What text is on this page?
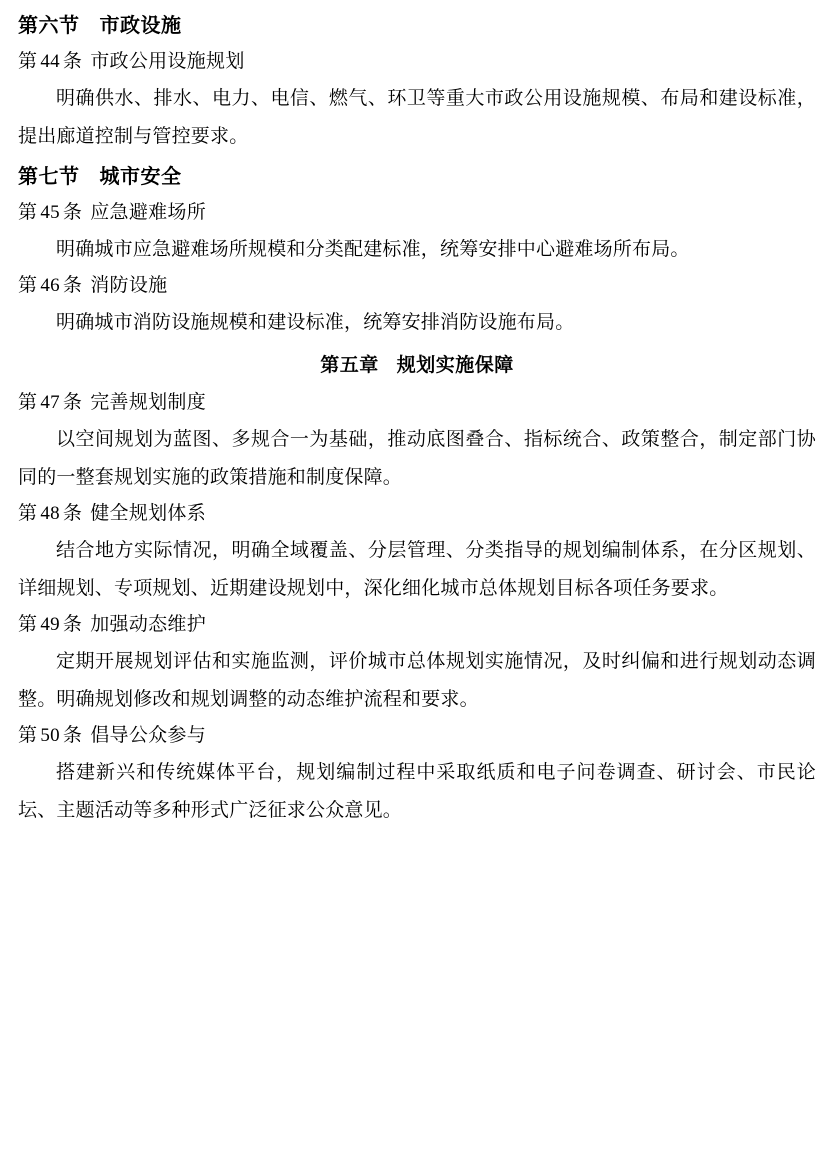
第六节 市政设施
第 44 条 市政公用设施规划

明确供水、排水、电力、电信、燃气、环卫等重大市政公用设施规模、布局和建设标准，提出廊道控制与管控要求。

第七节 城市安全
第 45 条 应急避难场所

明确城市应急避难场所规模和分类配建标准，统筹安排中心避难场所布局。

第 46 条 消防设施

明确城市消防设施规模和建设标准，统筹安排消防设施布局。

第五章 规划实施保障
第 47 条 完善规划制度

以空间规划为蓝图、多规合一为基础，推动底图叠合、指标统合、政策整合，制定部门协同的一整套规划实施的政策措施和制度保障。

第 48 条 健全规划体系

结合地方实际情况，明确全域覆盖、分层管理、分类指导的规划编制体系，在分区规划、详细规划、专项规划、近期建设规划中，深化细化城市总体规划目标各项任务要求。

第 49 条 加强动态维护

定期开展规划评估和实施监测，评价城市总体规划实施情况，及时纠偏和进行规划动态调整。明确规划修改和规划调整的动态维护流程和要求。

第 50 条 倡导公众参与

搭建新兴和传统媒体平台，规划编制过程中采取纸质和电子问卷调查、研讨会、市民论坛、主题活动等多种形式广泛征求公众意见。
